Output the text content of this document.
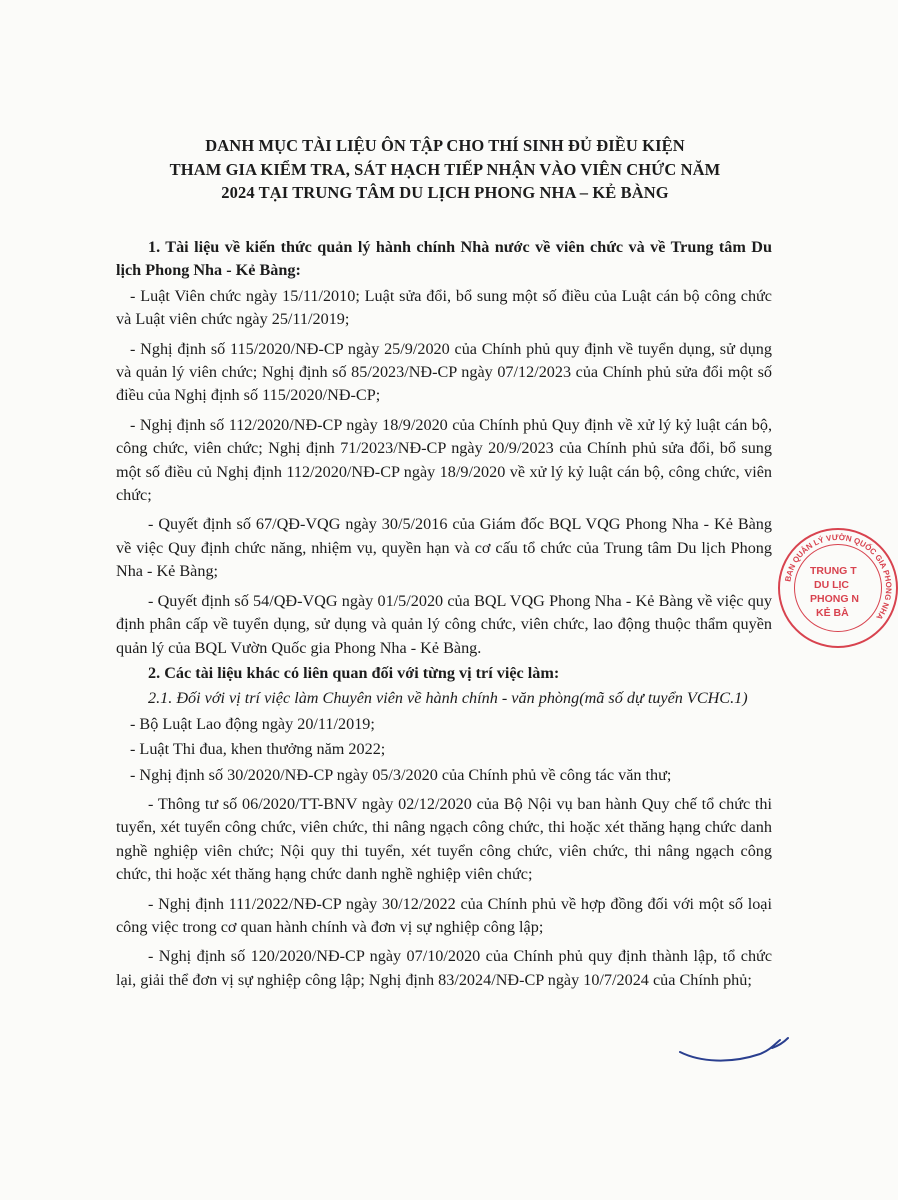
DANH MỤC TÀI LIỆU ÔN TẬP CHO THÍ SINH ĐỦ ĐIỀU KIỆN
THAM GIA KIỂM TRA, SÁT HẠCH TIẾP NHẬN VÀO VIÊN CHỨC NĂM
2024 TẠI TRUNG TÂM DU LỊCH PHONG NHA – KẺ BÀNG

1. Tài liệu về kiến thức quản lý hành chính Nhà nước về viên chức và về Trung tâm Du lịch Phong Nha - Kẻ Bàng:

- Luật Viên chức ngày 15/11/2010; Luật sửa đổi, bổ sung một số điều của Luật cán bộ công chức và Luật viên chức ngày 25/11/2019;

- Nghị định số 115/2020/NĐ-CP ngày 25/9/2020 của Chính phủ quy định về tuyển dụng, sử dụng và quản lý viên chức; Nghị định số 85/2023/NĐ-CP ngày 07/12/2023 của Chính phủ sửa đổi một số điều của Nghị định số 115/2020/NĐ-CP;

- Nghị định số 112/2020/NĐ-CP ngày 18/9/2020 của Chính phủ Quy định về xử lý kỷ luật cán bộ, công chức, viên chức; Nghị định 71/2023/NĐ-CP ngày 20/9/2023 của Chính phủ sửa đổi, bổ sung một số điều củ Nghị định 112/2020/NĐ-CP ngày 18/9/2020 về xử lý kỷ luật cán bộ, công chức, viên chức;

- Quyết định số 67/QĐ-VQG ngày 30/5/2016 của Giám đốc BQL VQG Phong Nha - Kẻ Bàng về việc Quy định chức năng, nhiệm vụ, quyền hạn và cơ cấu tổ chức của Trung tâm Du lịch Phong Nha - Kẻ Bàng;

- Quyết định số 54/QĐ-VQG ngày 01/5/2020 của BQL VQG Phong Nha - Kẻ Bàng về việc quy định phân cấp về tuyển dụng, sử dụng và quản lý công chức, viên chức, lao động thuộc thẩm quyền quản lý của BQL Vườn Quốc gia Phong Nha - Kẻ Bàng.

2. Các tài liệu khác có liên quan đối với từng vị trí việc làm:

2.1. Đối với vị trí việc làm Chuyên viên về hành chính - văn phòng(mã số dự tuyển VCHC.1)

- Bộ Luật Lao động ngày 20/11/2019;

- Luật Thi đua, khen thưởng năm 2022;

- Nghị định số 30/2020/NĐ-CP ngày 05/3/2020 của Chính phủ về công tác văn thư;

- Thông tư số 06/2020/TT-BNV ngày 02/12/2020 của Bộ Nội vụ ban hành Quy chế tổ chức thi tuyển, xét tuyển công chức, viên chức, thi nâng ngạch công chức, thi hoặc xét thăng hạng chức danh nghề nghiệp viên chức; Nội quy thi tuyển, xét tuyển công chức, viên chức, thi nâng ngạch công chức, thi hoặc xét thăng hạng chức danh nghề nghiệp viên chức;

- Nghị định 111/2022/NĐ-CP ngày 30/12/2022 của Chính phủ về hợp đồng đối với một số loại công việc trong cơ quan hành chính và đơn vị sự nghiệp công lập;

- Nghị định số 120/2020/NĐ-CP ngày 07/10/2020 của Chính phủ quy định thành lập, tổ chức lại, giải thể đơn vị sự nghiệp công lập; Nghị định 83/2024/NĐ-CP ngày 10/7/2024 của Chính phủ;

BAN QUẢN LÝ VƯỜN QUỐC GIA PHONG NHA
TRUNG T
DU LỊC
PHONG N
KẺ BÀ
